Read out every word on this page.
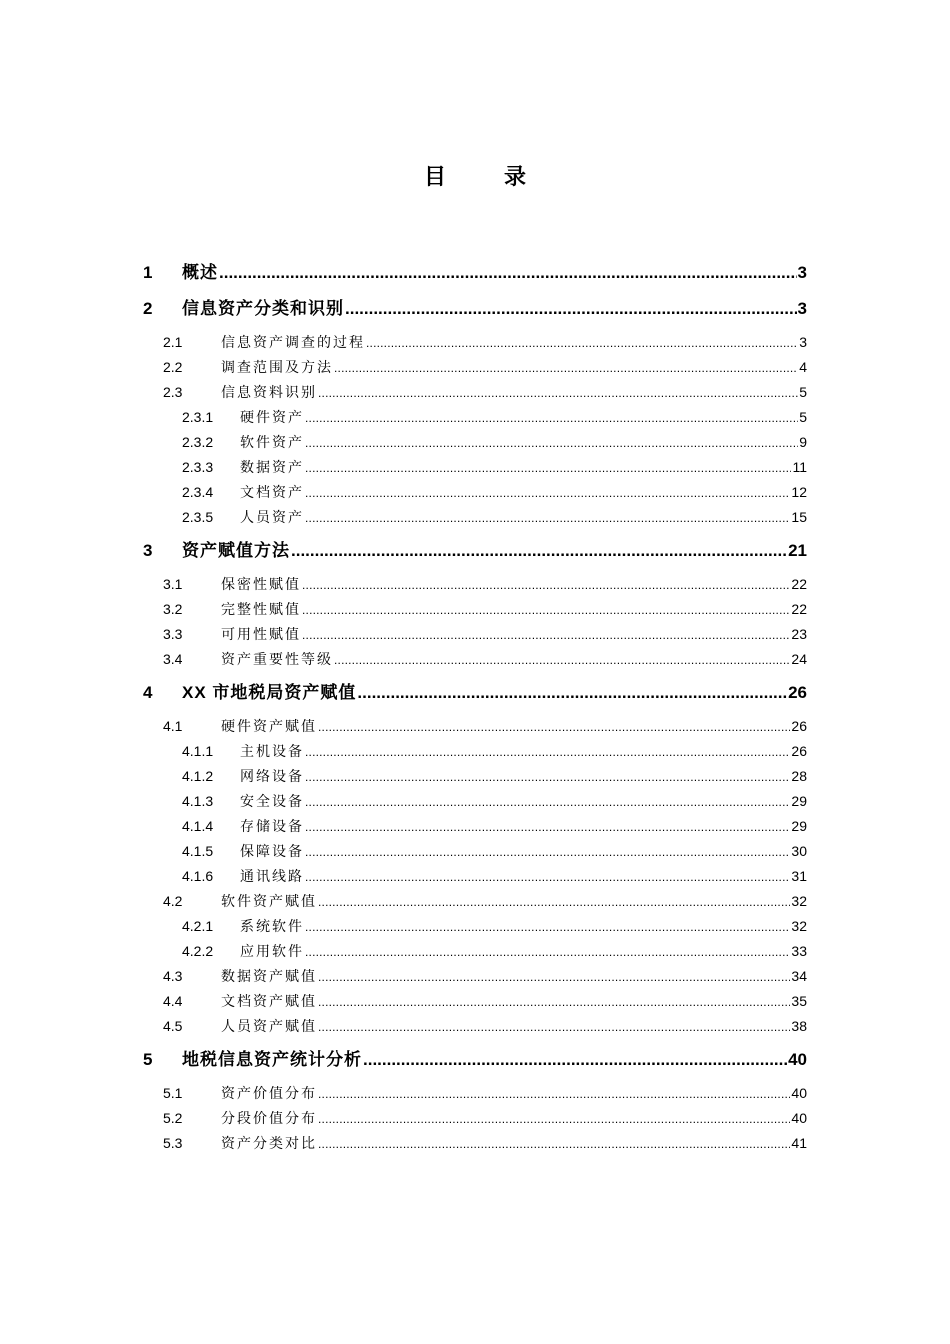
目 录
1	概述 .....	3
2	信息资产分类和识别 .....	3
2.1	信息资产调查的过程 .....	3
2.2	调查范围及方法 .....	4
2.3	信息资料识别 .....	5
2.3.1	硬件资产 .....	5
2.3.2	软件资产 .....	9
2.3.3	数据资产 .....	11
2.3.4	文档资产 .....	12
2.3.5	人员资产 .....	15
3	资产赋值方法 .....	21
3.1	保密性赋值 .....	22
3.2	完整性赋值 .....	22
3.3	可用性赋值 .....	23
3.4	资产重要性等级 .....	24
4	XX 市地税局资产赋值 .....	26
4.1	硬件资产赋值 .....	26
4.1.1	主机设备 .....	26
4.1.2	网络设备 .....	28
4.1.3	安全设备 .....	29
4.1.4	存储设备 .....	29
4.1.5	保障设备 .....	30
4.1.6	通讯线路 .....	31
4.2	软件资产赋值 .....	32
4.2.1	系统软件 .....	32
4.2.2	应用软件 .....	33
4.3	数据资产赋值 .....	34
4.4	文档资产赋值 .....	35
4.5	人员资产赋值 .....	38
5	地税信息资产统计分析 .....	40
5.1	资产价值分布 .....	40
5.2	分段价值分布 .....	40
5.3	资产分类对比 .....	41
